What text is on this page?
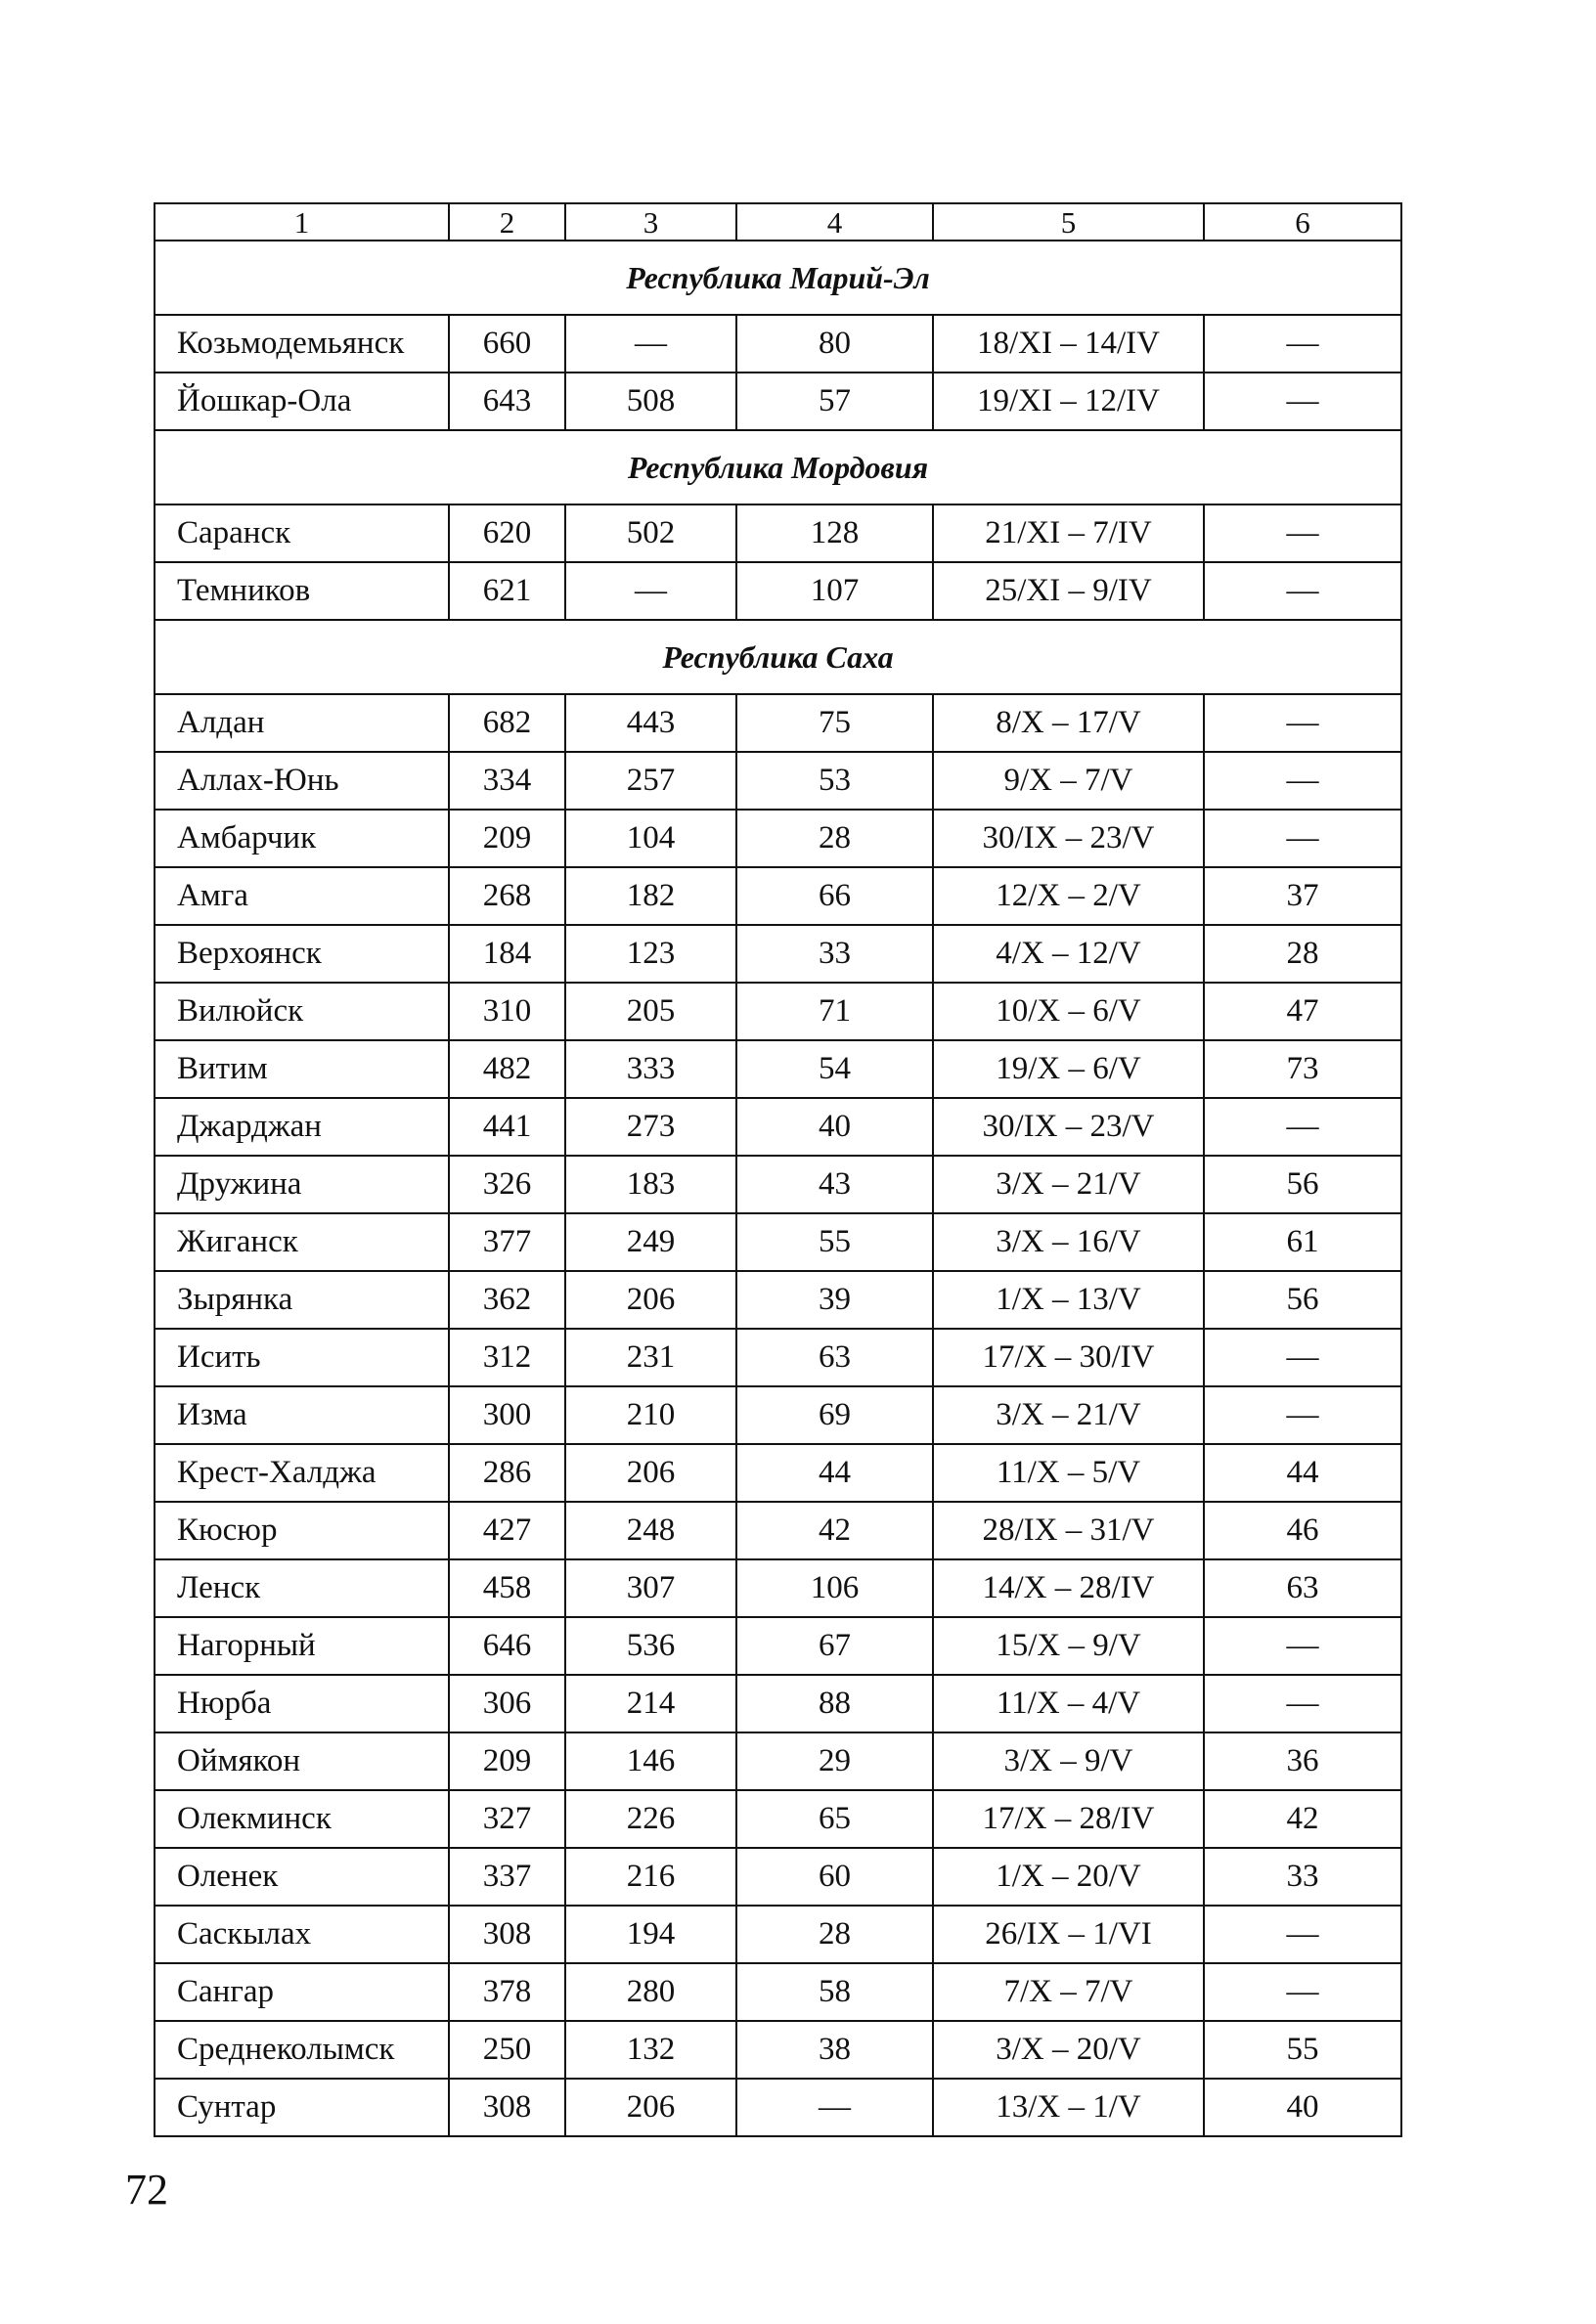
1	2	3	4	5	6
Республика Марий-Эл					
Козьмодемьянск	660	—	80	18/XI – 14/IV	—
Йошкар-Ола	643	508	57	19/XI – 12/IV	—
Республика Мордовия					
Саранск	620	502	128	21/XI – 7/IV	—
Темников	621	—	107	25/XI – 9/IV	—
Республика Саха					
Алдан	682	443	75	8/X – 17/V	—
Аллах-Юнь	334	257	53	9/X – 7/V	—
Амбарчик	209	104	28	30/IX – 23/V	—
Амга	268	182	66	12/X – 2/V	37
Верхоянск	184	123	33	4/X – 12/V	28
Вилюйск	310	205	71	10/X – 6/V	47
Витим	482	333	54	19/X – 6/V	73
Джарджан	441	273	40	30/IX – 23/V	—
Дружина	326	183	43	3/X – 21/V	56
Жиганск	377	249	55	3/X – 16/V	61
Зырянка	362	206	39	1/X – 13/V	56
Исить	312	231	63	17/X – 30/IV	—
Изма	300	210	69	3/X – 21/V	—
Крест-Халджа	286	206	44	11/X – 5/V	44
Кюсюр	427	248	42	28/IX – 31/V	46
Ленск	458	307	106	14/X – 28/IV	63
Нагорный	646	536	67	15/X – 9/V	—
Нюрба	306	214	88	11/X – 4/V	—
Оймякон	209	146	29	3/X – 9/V	36
Олекминск	327	226	65	17/X – 28/IV	42
Оленек	337	216	60	1/X – 20/V	33
Саскылах	308	194	28	26/IX – 1/VI	—
Сангар	378	280	58	7/X – 7/V	—
Среднеколымск	250	132	38	3/X – 20/V	55
Сунтар	308	206	—	13/X – 1/V	40
72
